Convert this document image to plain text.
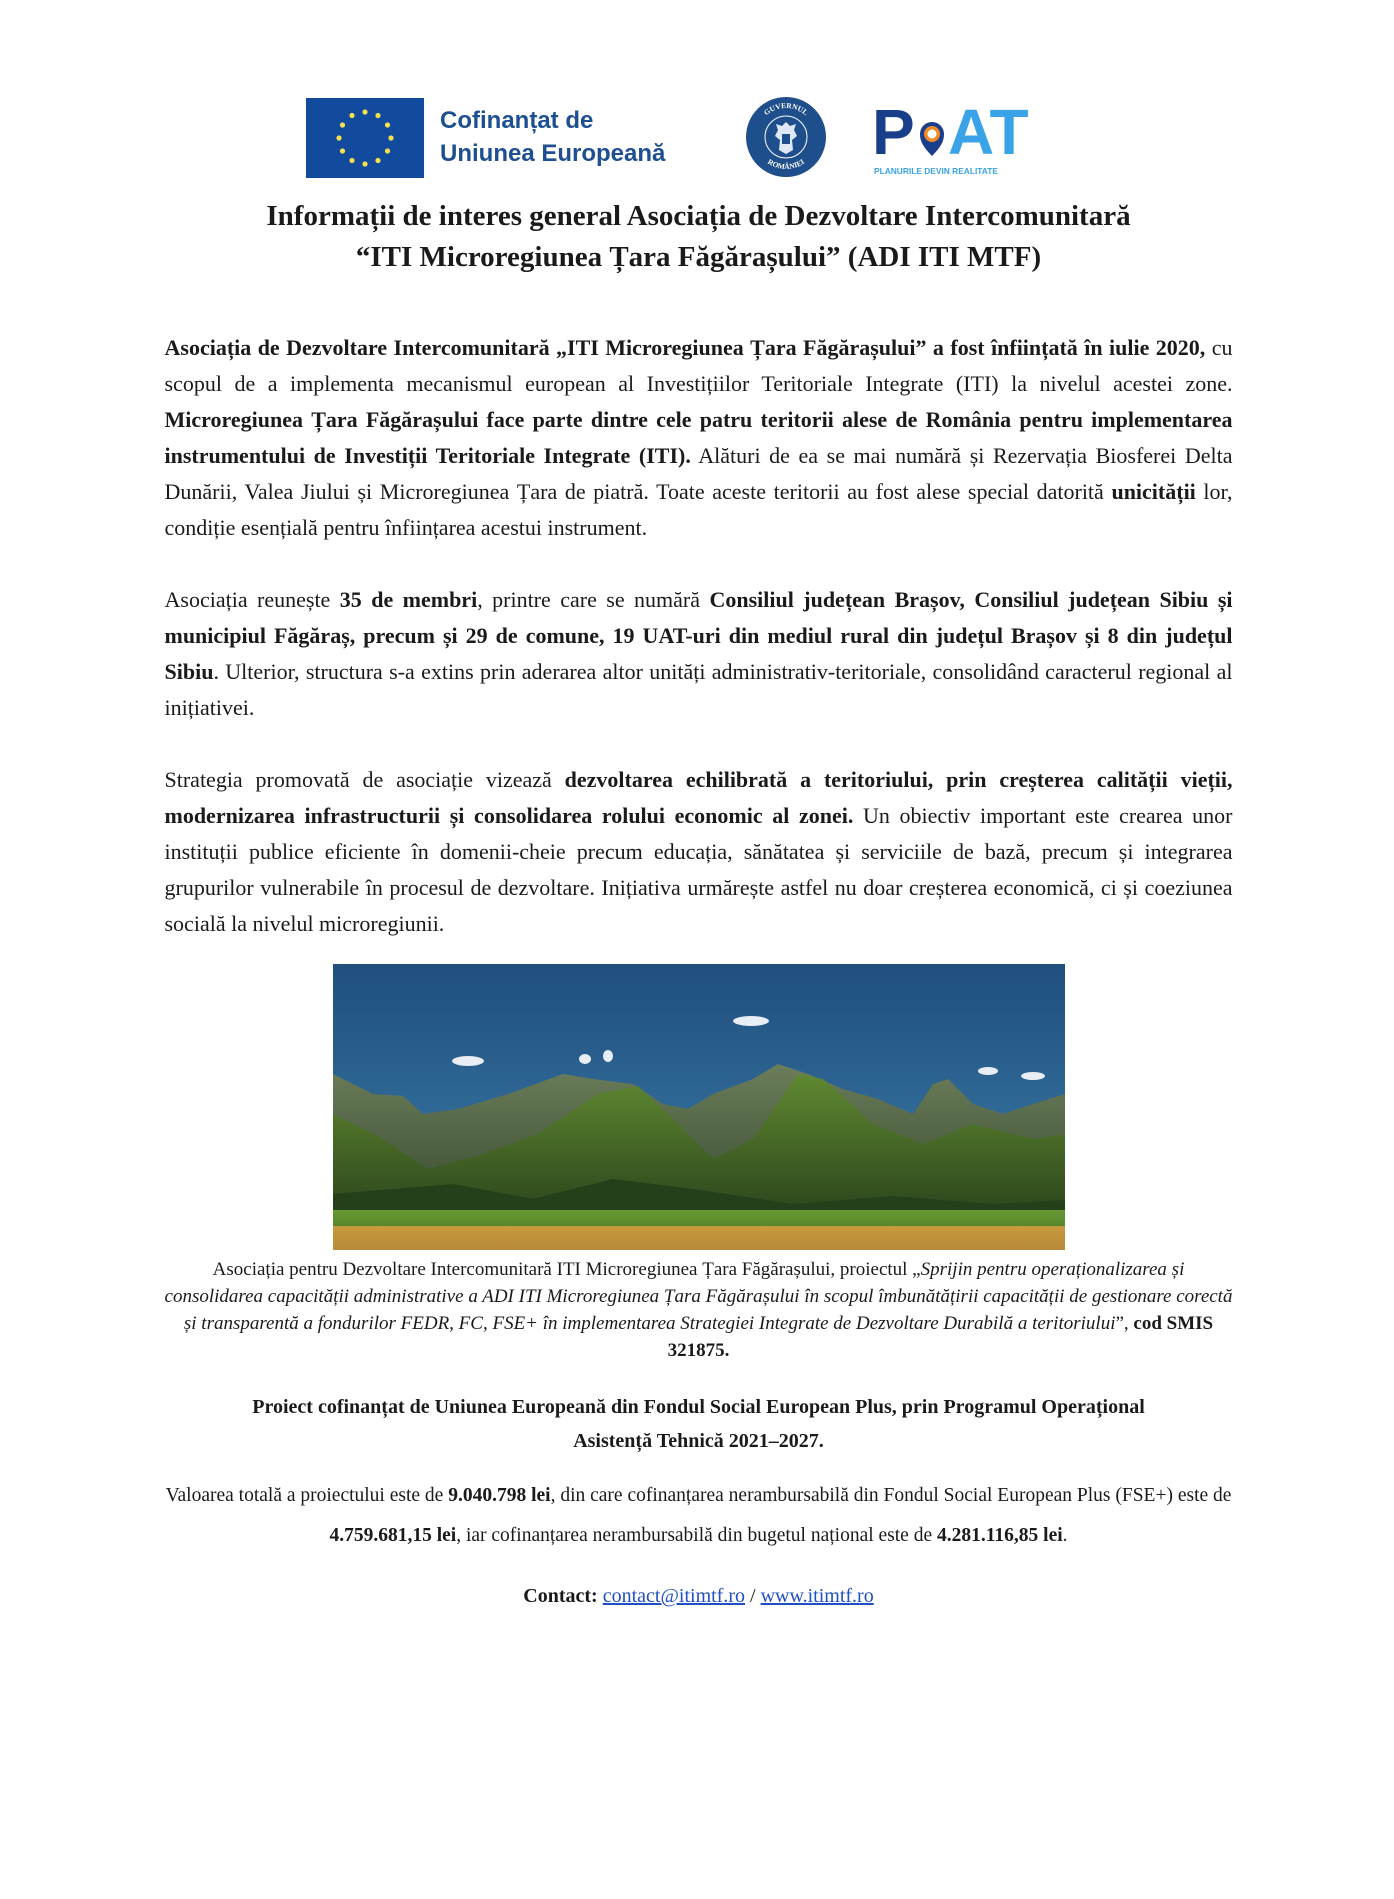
Cofinanțat de
Uniunea Europeană
GUVERNUL
ROMÂNIEI P AT
PLANURILE DEVIN REALITATE
Informații de interes general Asociația de Dezvoltare Intercomunitară
“ITI Microregiunea Țara Făgărașului” (ADI ITI MTF)

Asociația de Dezvoltare Intercomunitară „ITI Microregiunea Țara Făgărașului” a fost înființată în iulie 2020, cu scopul de a implementa mecanismul european al Investițiilor Teritoriale Integrate (ITI) la nivelul acestei zone. Microregiunea Țara Făgărașului face parte dintre cele patru teritorii alese de România pentru implementarea instrumentului de Investiții Teritoriale Integrate (ITI). Alături de ea se mai numără și Rezervația Biosferei Delta Dunării, Valea Jiului și Microregiunea Țara de piatră. Toate aceste teritorii au fost alese special datorită unicității lor, condiție esențială pentru înființarea acestui instrument.

Asociația reunește 35 de membri, printre care se numără Consiliul județean Brașov, Consiliul județean Sibiu și municipiul Făgăraș, precum și 29 de comune, 19 UAT-uri din mediul rural din județul Brașov și 8 din județul Sibiu. Ulterior, structura s-a extins prin aderarea altor unități administrativ-teritoriale, consolidând caracterul regional al inițiativei.

Strategia promovată de asociație vizează dezvoltarea echilibrată a teritoriului, prin creșterea calității vieții, modernizarea infrastructurii și consolidarea rolului economic al zonei. Un obiectiv important este crearea unor instituții publice eficiente în domenii-cheie precum educația, sănătatea și serviciile de bază, precum și integrarea grupurilor vulnerabile în procesul de dezvoltare. Inițiativa urmărește astfel nu doar creșterea economică, ci și coeziunea socială la nivelul microregiunii.

Asociația pentru Dezvoltare Intercomunitară ITI Microregiunea Țara Făgărașului, proiectul „Sprijin pentru operaționalizarea și consolidarea capacității administrative a ADI ITI Microregiunea Țara Făgărașului în scopul îmbunătățirii capacității de gestionare corectă și transparentă a fondurilor FEDR, FC, FSE+ în implementarea Strategiei Integrate de Dezvoltare Durabilă a teritoriului”, cod SMIS 321875.

Proiect cofinanțat de Uniunea Europeană din Fondul Social European Plus, prin Programul Operațional
Asistență Tehnică 2021–2027.
Valoarea totală a proiectului este de 9.040.798 lei, din care cofinanțarea nerambursabilă din Fondul Social European Plus (FSE+) este de 4.759.681,15 lei, iar cofinanțarea nerambursabilă din bugetul național este de 4.281.116,85 lei.
Contact: contact@itimtf.ro / www.itimtf.ro
